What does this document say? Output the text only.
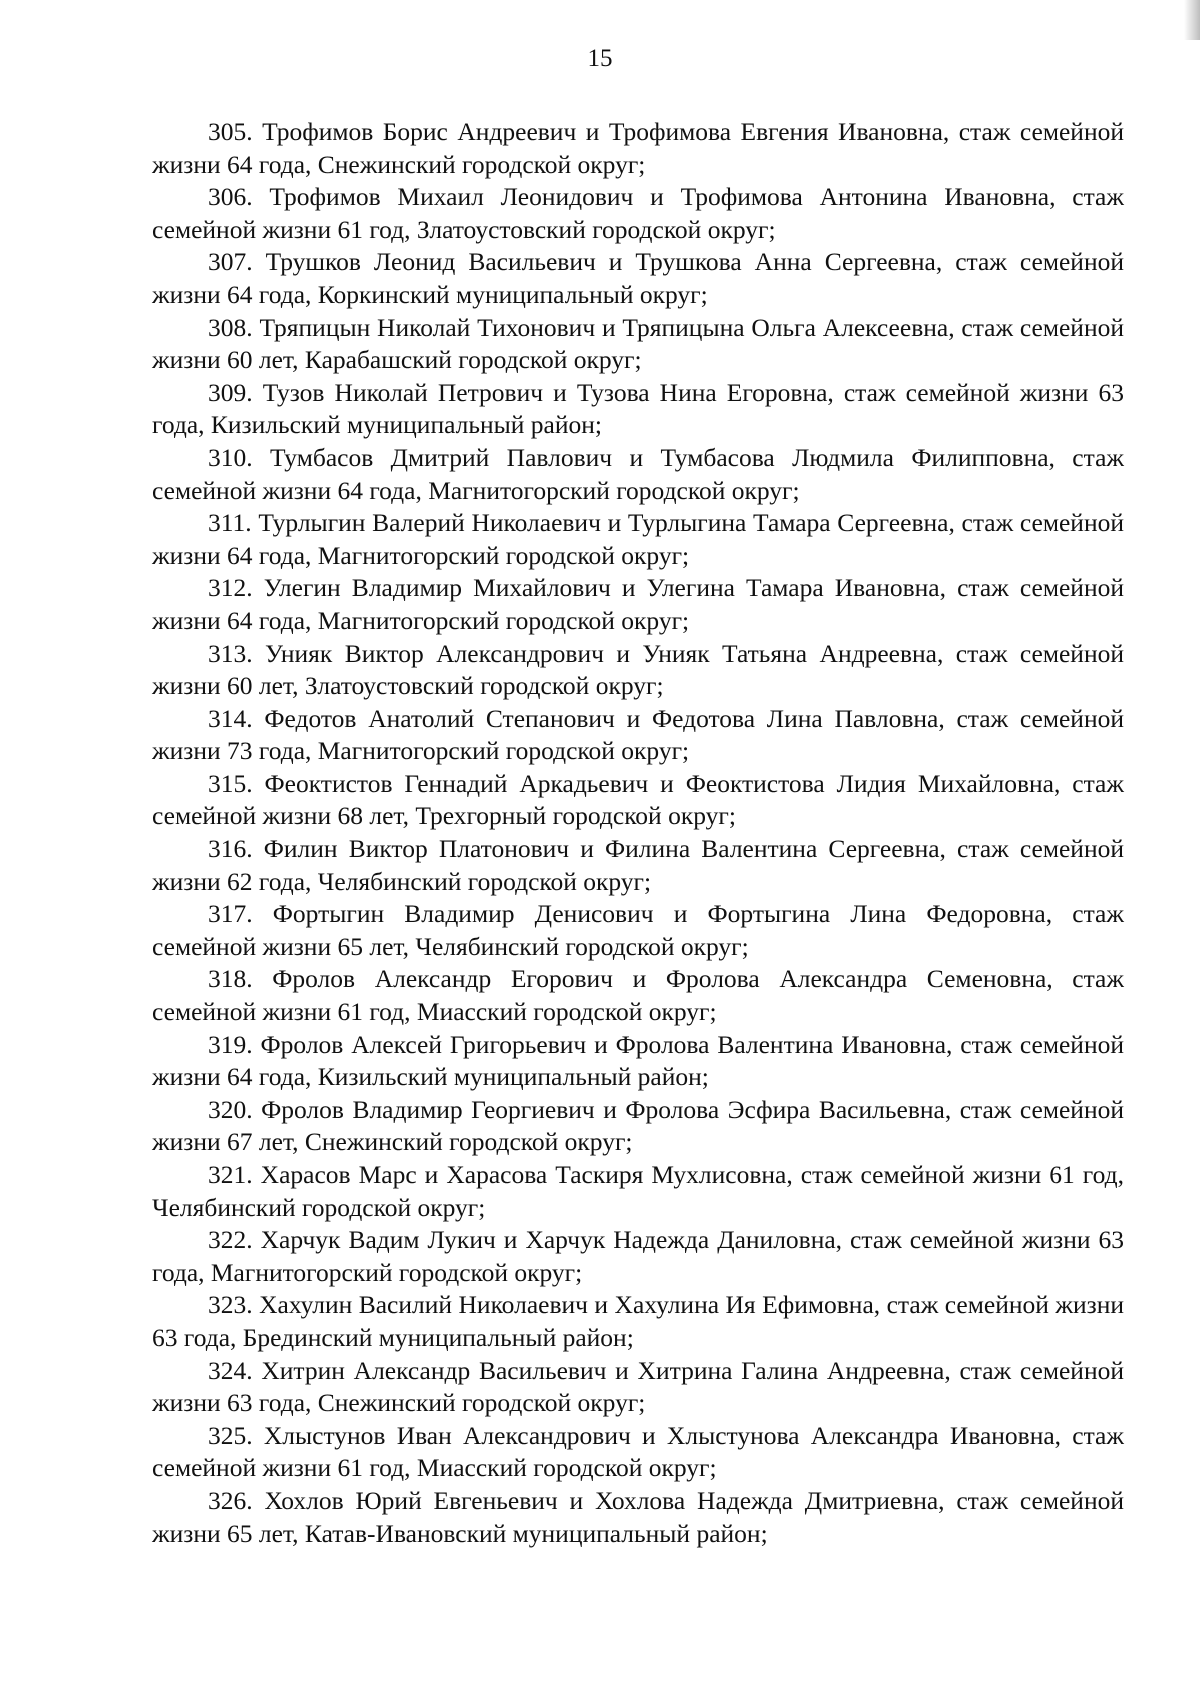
15

305. Трофимов Борис Андреевич и Трофимова Евгения Ивановна, стаж семейной жизни 64 года, Снежинский городской округ;

306. Трофимов Михаил Леонидович и Трофимова Антонина Ивановна, стаж семейной жизни 61 год, Златоустовский городской округ;

307. Трушков Леонид Васильевич и Трушкова Анна Сергеевна, стаж семейной жизни 64 года, Коркинский муниципальный округ;

308. Тряпицын Николай Тихонович и Тряпицына Ольга Алексеевна, стаж семейной жизни 60 лет, Карабашский городской округ;

309. Тузов Николай Петрович и Тузова Нина Егоровна, стаж семейной жизни 63 года, Кизильский муниципальный район;

310. Тумбасов Дмитрий Павлович и Тумбасова Людмила Филипповна, стаж семейной жизни 64 года, Магнитогорский городской округ;

311. Турлыгин Валерий Николаевич и Турлыгина Тамара Сергеевна, стаж семейной жизни 64 года, Магнитогорский городской округ;

312. Улегин Владимир Михайлович и Улегина Тамара Ивановна, стаж семейной жизни 64 года, Магнитогорский городской округ;

313. Унияк Виктор Александрович и Унияк Татьяна Андреевна, стаж семейной жизни 60 лет, Златоустовский городской округ;

314. Федотов Анатолий Степанович и Федотова Лина Павловна, стаж семейной жизни 73 года, Магнитогорский городской округ;

315. Феоктистов Геннадий Аркадьевич и Феоктистова Лидия Михайловна, стаж семейной жизни 68 лет, Трехгорный городской округ;

316. Филин Виктор Платонович и Филина Валентина Сергеевна, стаж семейной жизни 62 года, Челябинский городской округ;

317. Фортыгин Владимир Денисович и Фортыгина Лина Федоровна, стаж семейной жизни 65 лет, Челябинский городской округ;

318. Фролов Александр Егорович и Фролова Александра Семеновна, стаж семейной жизни 61 год, Миасский городской округ;

319. Фролов Алексей Григорьевич и Фролова Валентина Ивановна, стаж семейной жизни 64 года, Кизильский муниципальный район;

320. Фролов Владимир Георгиевич и Фролова Эсфира Васильевна, стаж семейной жизни 67 лет, Снежинский городской округ;

321. Харасов Марс и Харасова Таскиря Мухлисовна, стаж семейной жизни 61 год, Челябинский городской округ;

322. Харчук Вадим Лукич и Харчук Надежда Даниловна, стаж семейной жизни 63 года, Магнитогорский городской округ;

323. Хахулин Василий Николаевич и Хахулина Ия Ефимовна, стаж семейной жизни 63 года, Брединский муниципальный район;

324. Хитрин Александр Васильевич и Хитрина Галина Андреевна, стаж семейной жизни 63 года, Снежинский городской округ;

325. Хлыстунов Иван Александрович и Хлыстунова Александра Ивановна, стаж семейной жизни 61 год, Миасский городской округ;

326. Хохлов Юрий Евгеньевич и Хохлова Надежда Дмитриевна, стаж семейной жизни 65 лет, Катав-Ивановский муниципальный район;
